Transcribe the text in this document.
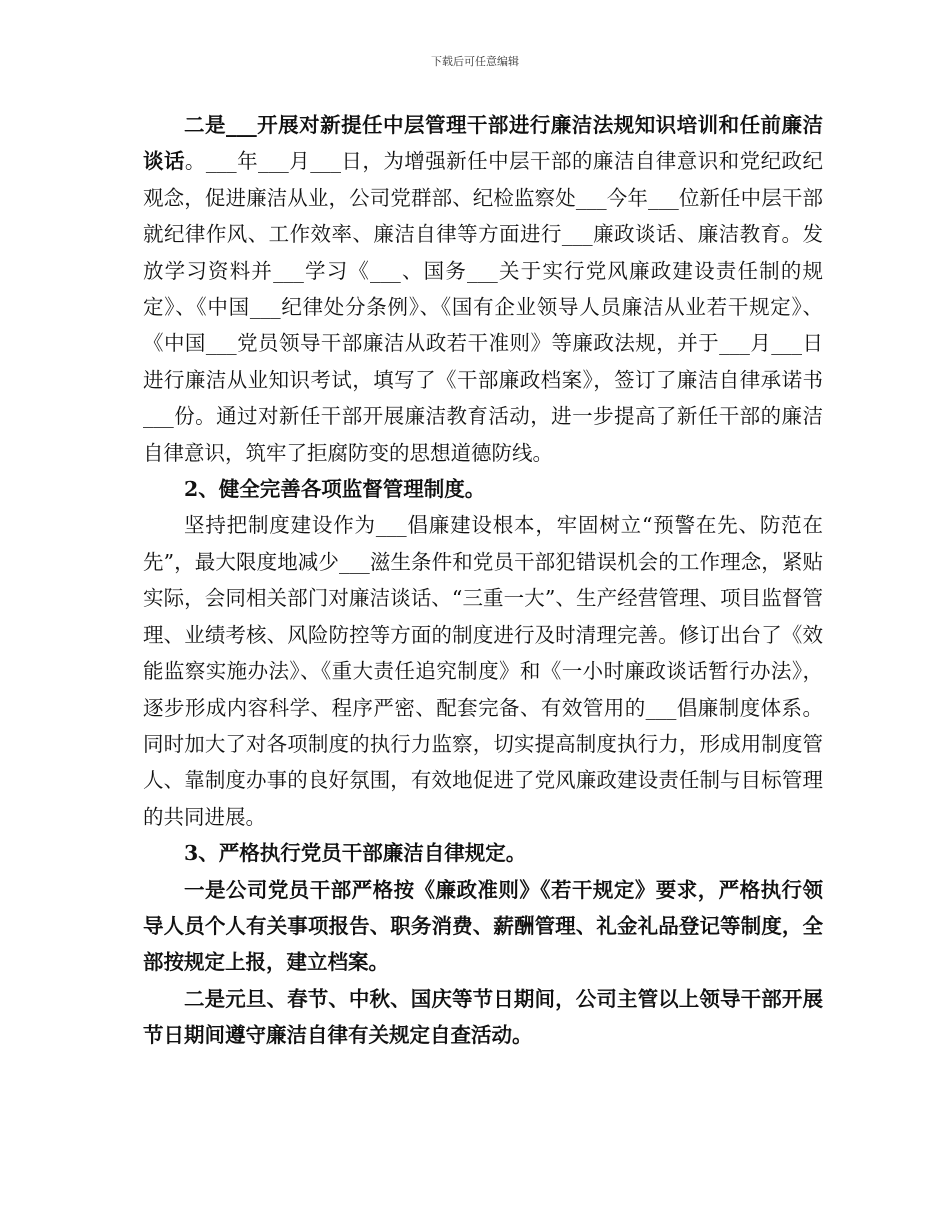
下载后可任意编辑

二是___开展对新提任中层管理干部进行廉洁法规知识培训和任前廉洁谈话。___年___月___日，为增强新任中层干部的廉洁自律意识和党纪政纪观念，促进廉洁从业，公司党群部、纪检监察处___今年___位新任中层干部就纪律作风、工作效率、廉洁自律等方面进行___廉政谈话、廉洁教育。发放学习资料并___学习《___、国务___关于实行党风廉政建设责任制的规定》、《中国___纪律处分条例》、《国有企业领导人员廉洁从业若干规定》、《中国___党员领导干部廉洁从政若干准则》等廉政法规，并于___月___日进行廉洁从业知识考试，填写了《干部廉政档案》，签订了廉洁自律承诺书___份。通过对新任干部开展廉洁教育活动，进一步提高了新任干部的廉洁自律意识，筑牢了拒腐防变的思想道德防线。

2、健全完善各项监督管理制度。

坚持把制度建设作为___倡廉建设根本，牢固树立“预警在先、防范在先”，最大限度地减少___滋生条件和党员干部犯错误机会的工作理念，紧贴实际，会同相关部门对廉洁谈话、“三重一大”、生产经营管理、项目监督管理、业绩考核、风险防控等方面的制度进行及时清理完善。修订出台了《效能监察实施办法》、《重大责任追究制度》和《一小时廉政谈话暂行办法》，逐步形成内容科学、程序严密、配套完备、有效管用的___倡廉制度体系。同时加大了对各项制度的执行力监察，切实提高制度执行力，形成用制度管人、靠制度办事的良好氛围，有效地促进了党风廉政建设责任制与目标管理的共同进展。

3、严格执行党员干部廉洁自律规定。

一是公司党员干部严格按《廉政准则》《若干规定》要求，严格执行领导人员个人有关事项报告、职务消费、薪酬管理、礼金礼品登记等制度，全部按规定上报，建立档案。

二是元旦、春节、中秋、国庆等节日期间，公司主管以上领导干部开展节日期间遵守廉洁自律有关规定自查活动。
